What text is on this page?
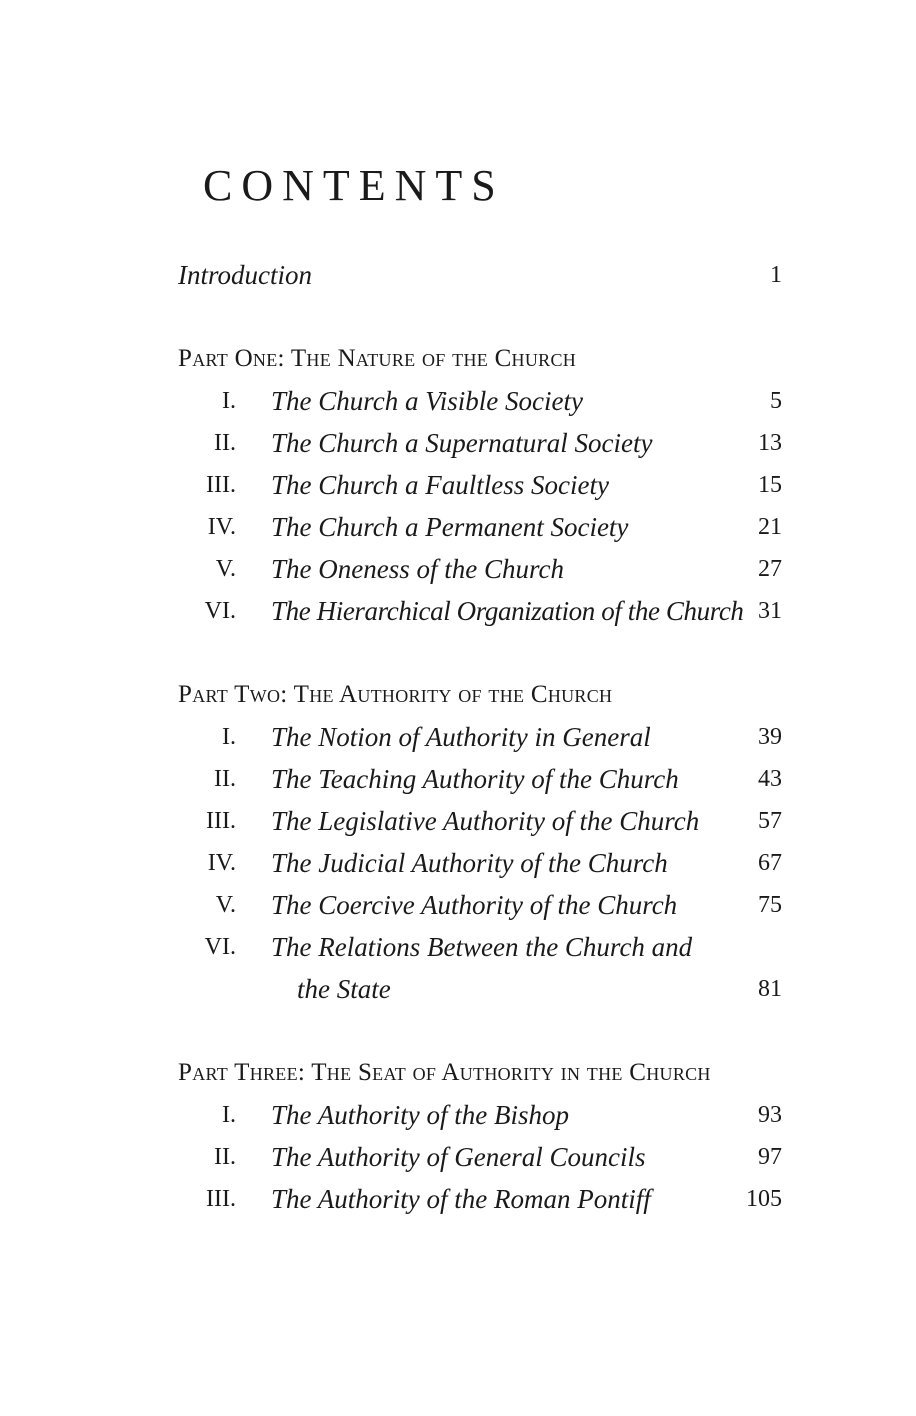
CONTENTS
Introduction	1
Part One: The Nature of the Church
I. The Church a Visible Society	5
II. The Church a Supernatural Society	13
III. The Church a Faultless Society	15
IV. The Church a Permanent Society	21
V. The Oneness of the Church	27
VI. The Hierarchical Organization of the Church 31
Part Two: The Authority of the Church
I. The Notion of Authority in General	39
II. The Teaching Authority of the Church	43
III. The Legislative Authority of the Church 57
IV. The Judicial Authority of the Church	67
V. The Coercive Authority of the Church	75
VI. The Relations Between the Church and
the State	81
Part Three: The Seat of Authority in the Church
I. The Authority of the Bishop	93
II. The Authority of General Councils	97
III. The Authority of the Roman Pontiff	105
